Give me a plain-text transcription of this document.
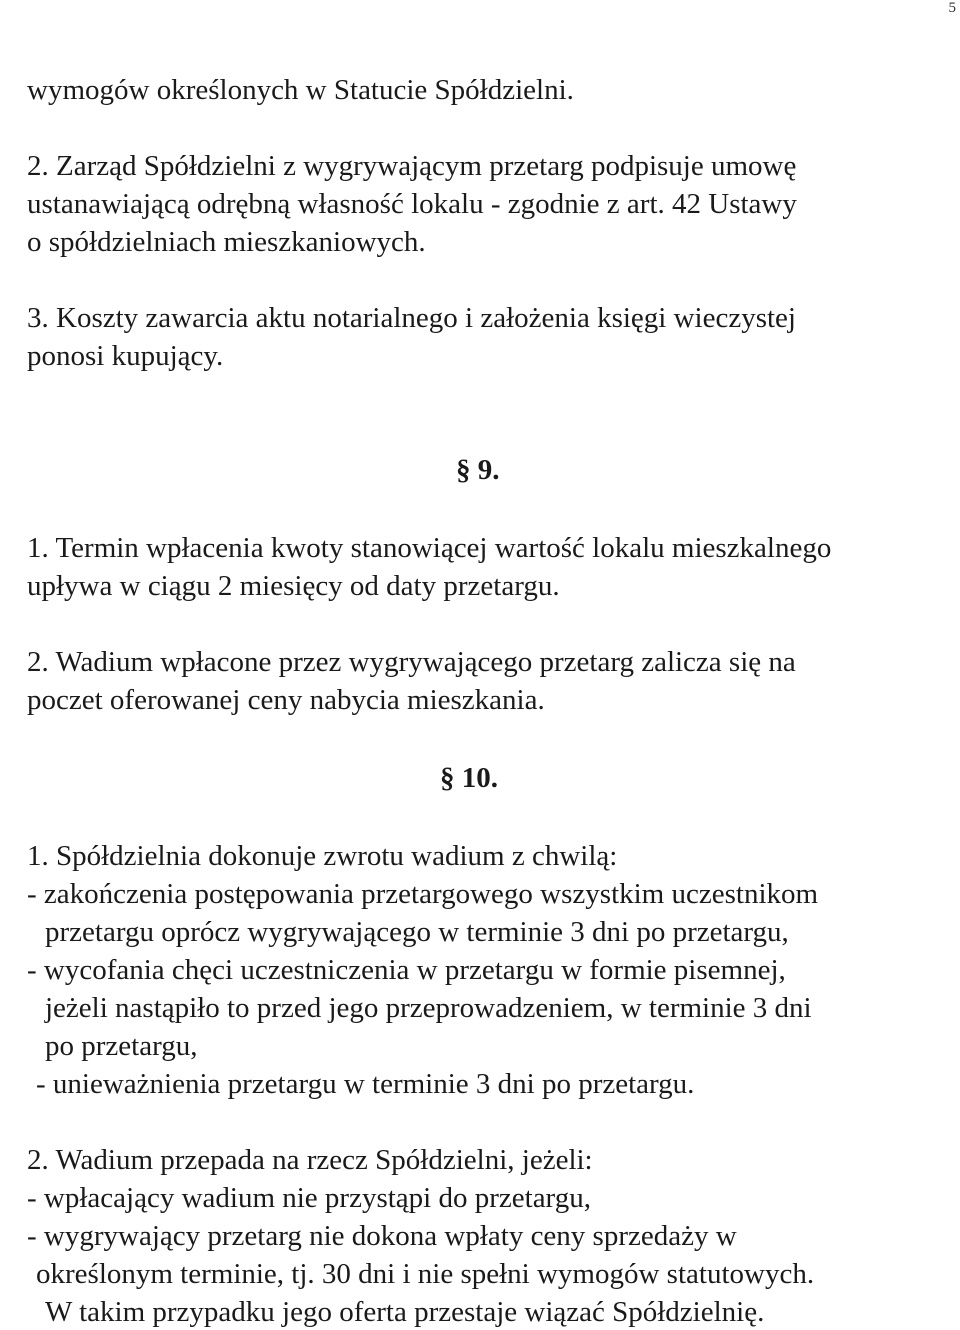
5
wymogów określonych w Statucie Spółdzielni.
2. Zarząd Spółdzielni z wygrywającym przetarg podpisuje umowę
ustanawiającą odrębną własność lokalu - zgodnie z art. 42 Ustawy
o spółdzielniach mieszkaniowych.
3. Koszty zawarcia aktu notarialnego i założenia księgi wieczystej
ponosi kupujący.
§ 9.
1. Termin wpłacenia kwoty stanowiącej wartość lokalu mieszkalnego
upływa w ciągu 2 miesięcy od daty przetargu.
2. Wadium wpłacone przez wygrywającego przetarg zalicza się na
poczet oferowanej ceny nabycia mieszkania.
§ 10.
1. Spółdzielnia dokonuje zwrotu wadium z chwilą:
- zakończenia postępowania przetargowego wszystkim uczestnikom
przetargu oprócz wygrywającego w terminie 3 dni po przetargu,
- wycofania chęci uczestniczenia w przetargu w formie pisemnej,
jeżeli nastąpiło to przed jego przeprowadzeniem, w terminie 3 dni
po przetargu,
- unieważnienia przetargu w terminie 3 dni po przetargu.
2. Wadium przepada na rzecz Spółdzielni, jeżeli:
- wpłacający wadium nie przystąpi do przetargu,
- wygrywający przetarg nie dokona wpłaty ceny sprzedaży w
określonym terminie, tj. 30 dni i nie spełni wymogów statutowych.
W takim przypadku jego oferta przestaje wiązać Spółdzielnię.
